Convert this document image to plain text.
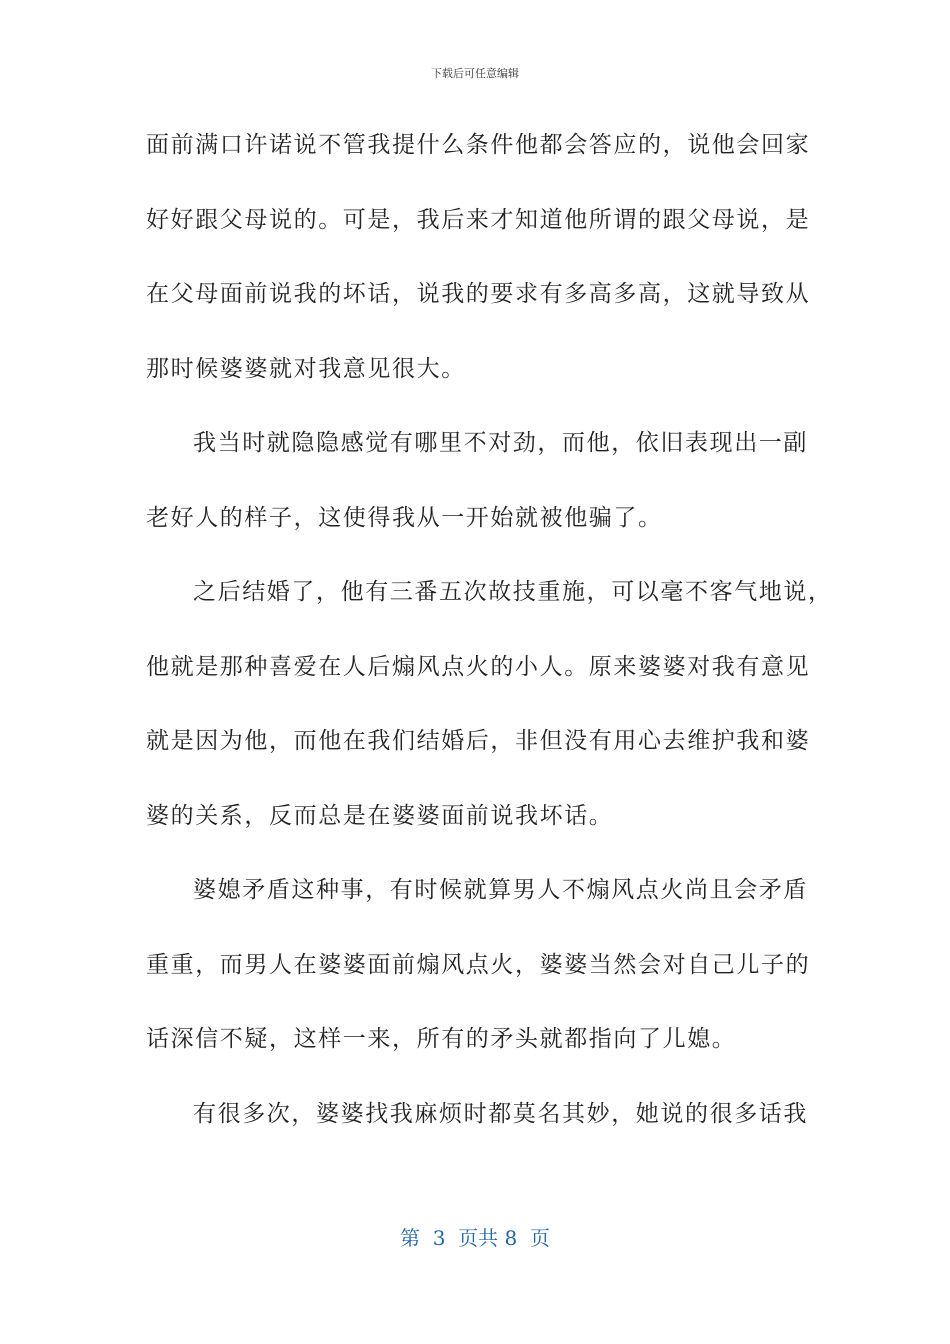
下载后可任意编辑
面前满口许诺说不管我提什么条件他都会答应的，说他会回家
好好跟父母说的。可是，我后来才知道他所谓的跟父母说，是
在父母面前说我的坏话，说我的要求有多高多高，这就导致从
那时候婆婆就对我意见很大。
我当时就隐隐感觉有哪里不对劲，而他，依旧表现出一副
老好人的样子，这使得我从一开始就被他骗了。
之后结婚了，他有三番五次故技重施，可以毫不客气地说，
他就是那种喜爱在人后煽风点火的小人。原来婆婆对我有意见
就是因为他，而他在我们结婚后，非但没有用心去维护我和婆
婆的关系，反而总是在婆婆面前说我坏话。
婆媳矛盾这种事，有时候就算男人不煽风点火尚且会矛盾
重重，而男人在婆婆面前煽风点火，婆婆当然会对自己儿子的
话深信不疑，这样一来，所有的矛头就都指向了儿媳。
有很多次，婆婆找我麻烦时都莫名其妙，她说的很多话我
第  3  页共 8  页
